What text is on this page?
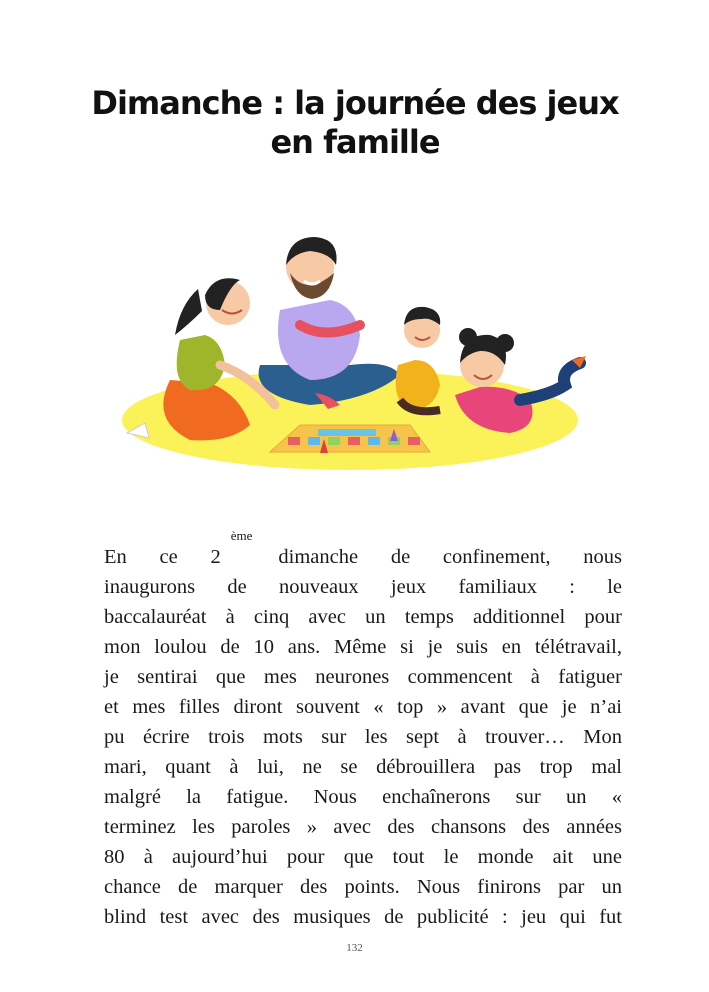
Dimanche : la journée des jeux
en famille
En ce 2èmedimanche de confinement, nous
inaugurons de nouveaux jeux familiaux : le
baccalauréat à cinq avec un temps additionnel pour
mon loulou de 10 ans. Même si je suis en télétravail,
je sentirai que mes neurones commencent à fatiguer
et mes filles diront souvent « top » avant que je n’ai
pu écrire trois mots sur les sept à trouver… Mon
mari, quant à lui, ne se débrouillera pas trop mal
malgré la fatigue. Nous enchaînerons sur un «
terminez les paroles » avec des chansons des années
80 à aujourd’hui pour que tout le monde ait une
chance de marquer des points. Nous finirons par un
blind test avec des musiques de publicité : jeu qui fut
132
